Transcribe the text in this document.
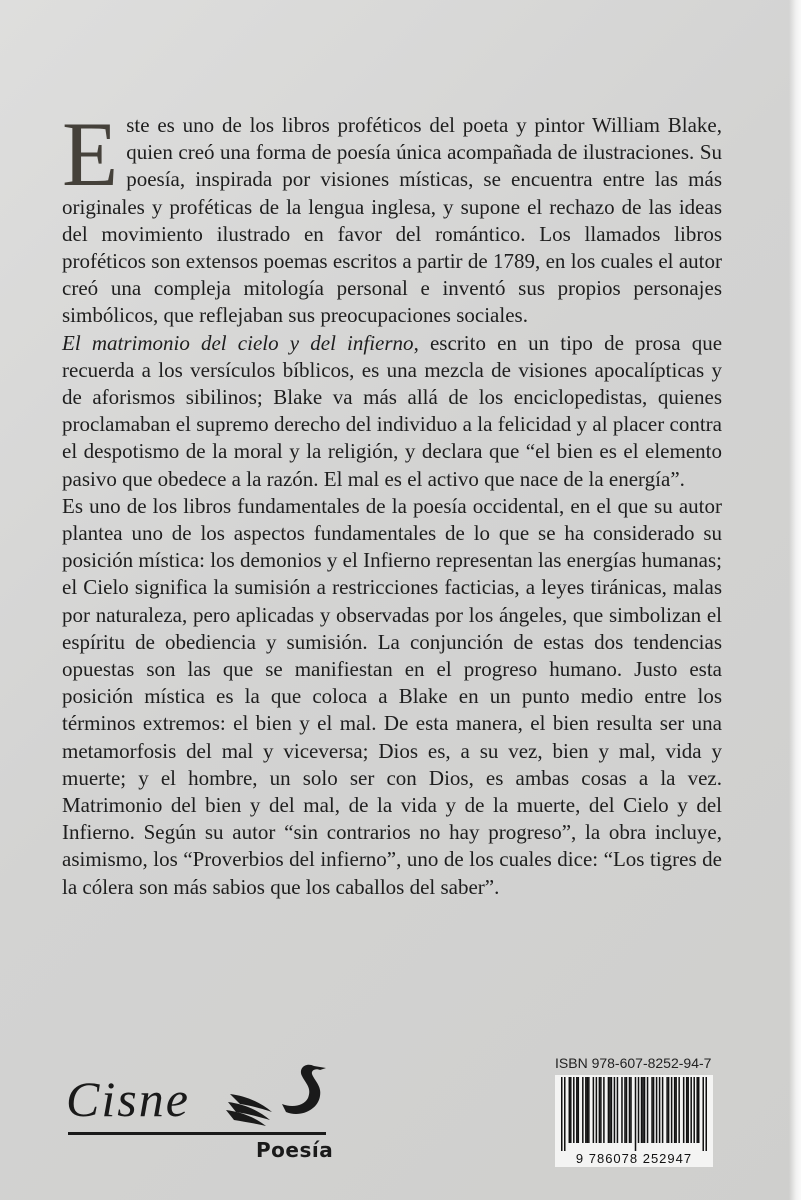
Este es uno de los libros proféticos del poeta y pintor William Blake, quien creó una forma de poesía única acompañada de ilustraciones. Su poesía, inspirada por visiones místicas, se encuentra entre las más originales y proféticas de la lengua inglesa, y supone el rechazo de las ideas del movimiento ilustrado en favor del romántico. Los llamados libros proféticos son extensos poemas escritos a partir de 1789, en los cuales el autor creó una compleja mitología personal e inventó sus propios personajes simbólicos, que reflejaban sus preocupaciones sociales.

El matrimonio del cielo y del infierno, escrito en un tipo de prosa que recuerda a los versículos bíblicos, es una mezcla de visiones apocalípticas y de aforismos sibilinos; Blake va más allá de los enciclopedistas, quienes proclamaban el supremo derecho del individuo a la felicidad y al placer contra el despotismo de la moral y la religión, y declara que “el bien es el elemento pasivo que obedece a la razón. El mal es el activo que nace de la energía”.

Es uno de los libros fundamentales de la poesía occidental, en el que su autor plantea uno de los aspectos fundamentales de lo que se ha considerado su posición mística: los demonios y el Infierno representan las energías humanas; el Cielo significa la sumisión a restricciones facticias, a leyes tiránicas, malas por naturaleza, pero aplicadas y observadas por los ángeles, que simbolizan el espíritu de obediencia y sumisión. La conjunción de estas dos tendencias opuestas son las que se manifiestan en el progreso humano. Justo esta posición mística es la que coloca a Blake en un punto medio entre los términos extremos: el bien y el mal. De esta manera, el bien resulta ser una metamorfosis del mal y viceversa; Dios es, a su vez, bien y mal, vida y muerte; y el hombre, un solo ser con Dios, es ambas cosas a la vez. Matrimonio del bien y del mal, de la vida y de la muerte, del Cielo y del Infierno. Según su autor “sin contrarios no hay progreso”, la obra incluye, asimismo, los “Proverbios del infierno”, uno de los cuales dice: “Los tigres de la cólera son más sabios que los caballos del saber”.

Cisne
Poesía
ISBN 978-607-8252-94-7
9 786078 252947
